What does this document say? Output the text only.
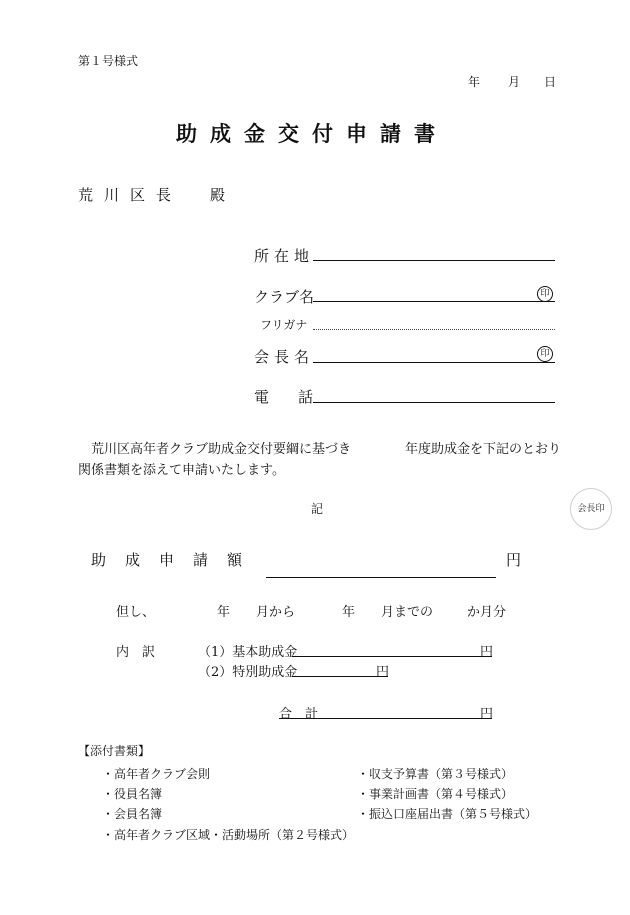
第１号様式
年 月 日
助成金交付申請書
荒川区長 殿
所在地
クラブ名	印
フリガナ
会長名	印
電話
荒川区高年者クラブ助成金交付要綱に基づき	年度助成金を下記のとおり
関係書類を添えて申請いたします。
会長印
記
助成申請額	円
但し、	年 月から	年 月までの	か月分
内　訳	（1）基本助成金	円
（2）特別助成金	円
合　計	円
【添付書類】
・高年者クラブ会則
・役員名簿
・会員名簿
・高年者クラブ区域・活動場所（第２号様式）
・収支予算書（第３号様式）
・事業計画書（第４号様式）
・振込口座届出書（第５号様式）
